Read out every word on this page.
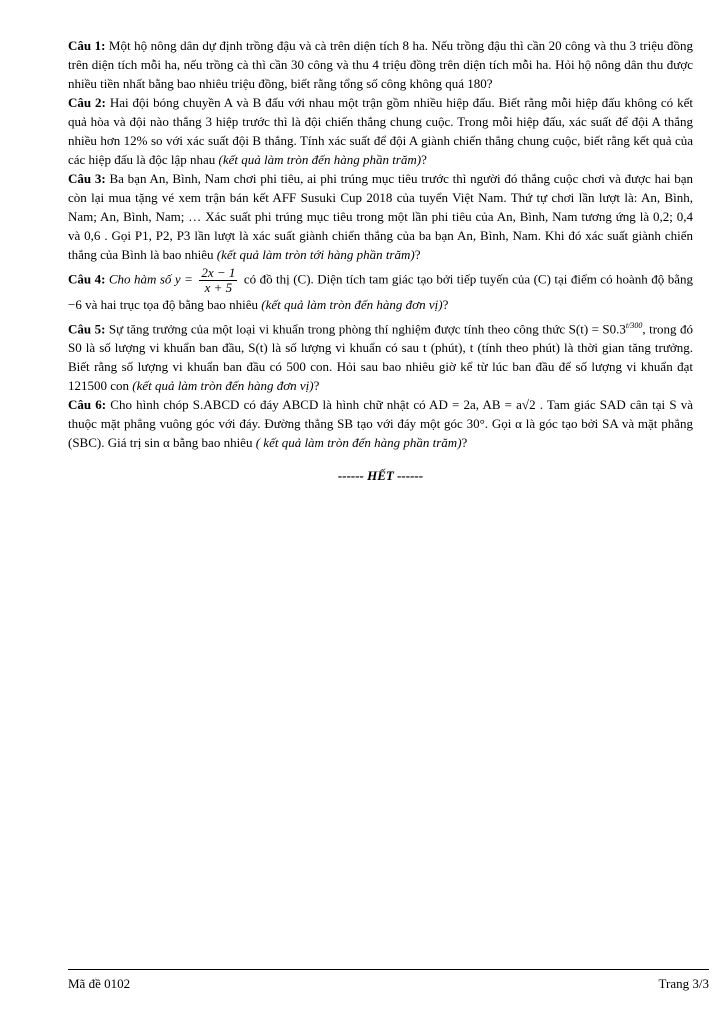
Câu 1: Một hộ nông dân dự định trồng đậu và cà trên diện tích 8 ha. Nếu trồng đậu thì cần 20 công và thu 3 triệu đồng trên diện tích mỗi ha, nếu trồng cà thì cần 30 công và thu 4 triệu đồng trên diện tích mỗi ha. Hỏi hộ nông dân thu được nhiều tiền nhất bằng bao nhiêu triệu đồng, biết rằng tổng số công không quá 180?

Câu 2: Hai đội bóng chuyền A và B đấu với nhau một trận gồm nhiều hiệp đấu. Biết rằng mỗi hiệp đấu không có kết quả hòa và đội nào thắng 3 hiệp trước thì là đội chiến thắng chung cuộc. Trong mỗi hiệp đấu, xác suất để đội A thắng nhiều hơn 12% so với xác suất đội B thắng. Tính xác suất để đội A giành chiến thắng chung cuộc, biết rằng kết quả của các hiệp đấu là độc lập nhau (kết quả làm tròn đến hàng phần trăm)?

Câu 3: Ba bạn An, Bình, Nam chơi phi tiêu, ai phi trúng mục tiêu trước thì người đó thắng cuộc chơi và được hai bạn còn lại mua tặng vé xem trận bán kết AFF Susuki Cup 2018 của tuyển Việt Nam. Thứ tự chơi lần lượt là: An, Bình, Nam; An, Bình, Nam; … Xác suất phi trúng mục tiêu trong một lần phi tiêu của An, Bình, Nam tương ứng là 0,2; 0,4 và 0,6 . Gọi P1, P2, P3 lần lượt là xác suất giành chiến thắng của ba bạn An, Bình, Nam. Khi đó xác suất giành chiến thắng của Bình là bao nhiêu (kết quả làm tròn tới hàng phần trăm)?

Câu 4: Cho hàm số $y = \frac{2x - 1}{x + 5}$ có đồ thị (C). Diện tích tam giác tạo bởi tiếp tuyến của (C) tại điểm có hoành độ bằng −6 và hai trục tọa độ bằng bao nhiêu (kết quả làm tròn đến hàng đơn vị)?

Câu 5: Sự tăng trưởng của một loại vi khuẩn trong phòng thí nghiệm được tính theo công thức $S(t) = S0.3^{t/300}$, trong đó S0 là số lượng vi khuẩn ban đầu, S(t) là số lượng vi khuẩn có sau t (phút), t (tính theo phút) là thời gian tăng trưởng. Biết rằng số lượng vi khuẩn ban đầu có 500 con. Hỏi sau bao nhiêu giờ kể từ lúc ban đầu để số lượng vi khuẩn đạt 121500 con (kết quả làm tròn đến hàng đơn vị)?

Câu 6: Cho hình chóp S.ABCD có đáy ABCD là hình chữ nhật có AD = 2a, AB = a√2 . Tam giác SAD cân tại S và thuộc mặt phẳng vuông góc với đáy. Đường thẳng SB tạo với đáy một góc 30°. Gọi α là góc tạo bởi SA và mặt phẳng (SBC). Giá trị sin α bằng bao nhiêu ( kết quả làm tròn đến hàng phần trăm)?

------ HẾT ------
Mã đề 0102	Trang 3/3
